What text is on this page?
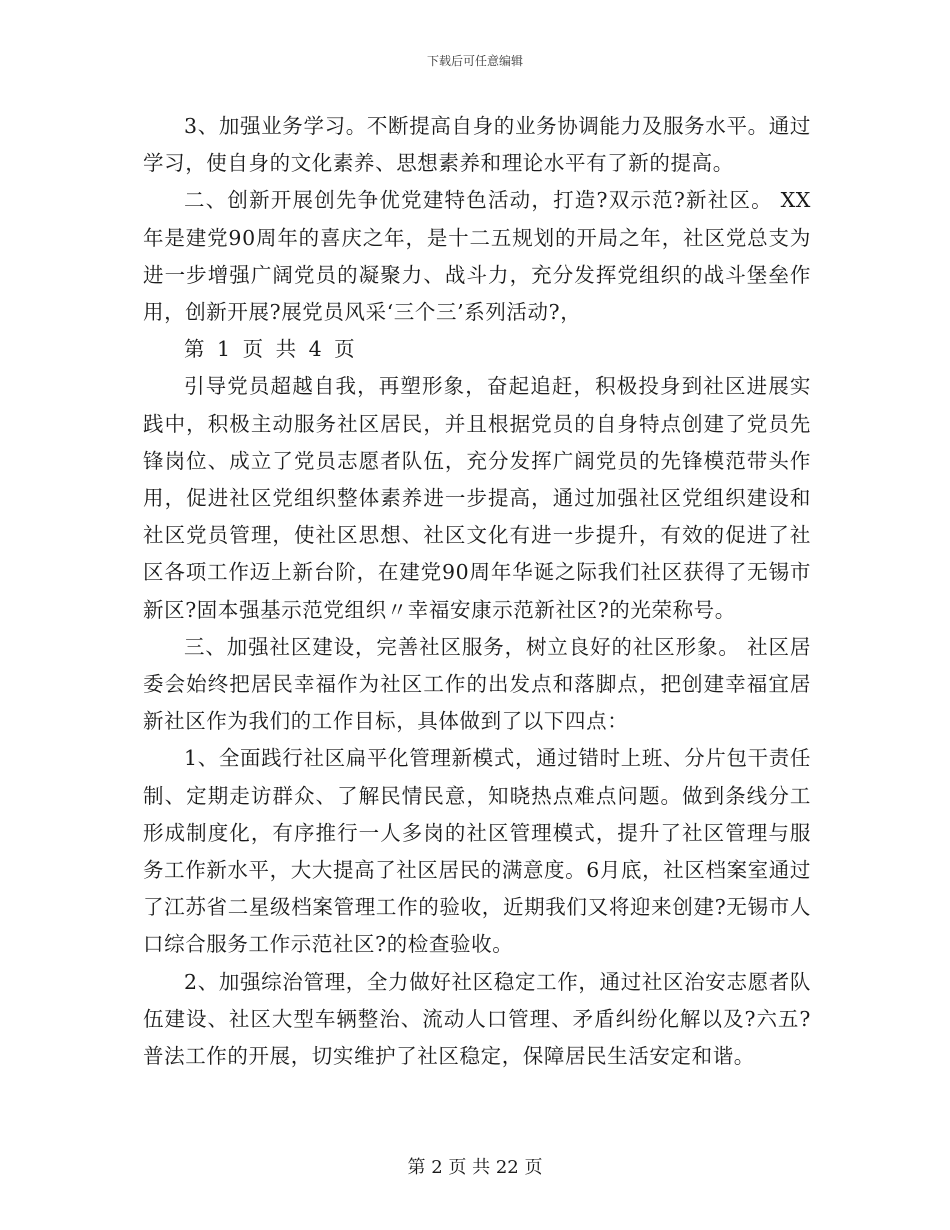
下载后可任意编辑

3、加强业务学习。不断提高自身的业务协调能力及服务水平。通过学习，使自身的文化素养、思想素养和理论水平有了新的提高。

二、创新开展创先争优党建特色活动，打造?双示范?新社区。 XX年是建党90周年的喜庆之年，是十二五规划的开局之年，社区党总支为进一步增强广阔党员的凝聚力、战斗力，充分发挥党组织的战斗堡垒作用，创新开展?展党员风采‘三个三’系列活动?，

第 1 页 共 4 页

引导党员超越自我，再塑形象，奋起追赶，积极投身到社区进展实践中，积极主动服务社区居民，并且根据党员的自身特点创建了党员先锋岗位、成立了党员志愿者队伍，充分发挥广阔党员的先锋模范带头作用，促进社区党组织整体素养进一步提高，通过加强社区党组织建设和社区党员管理，使社区思想、社区文化有进一步提升，有效的促进了社区各项工作迈上新台阶，在建党90周年华诞之际我们社区获得了无锡市新区?固本强基示范党组织〃幸福安康示范新社区?的光荣称号。

三、加强社区建设，完善社区服务，树立良好的社区形象。 社区居委会始终把居民幸福作为社区工作的出发点和落脚点，把创建幸福宜居新社区作为我们的工作目标，具体做到了以下四点：

1、全面践行社区扁平化管理新模式，通过错时上班、分片包干责任制、定期走访群众、了解民情民意，知晓热点难点问题。做到条线分工形成制度化，有序推行一人多岗的社区管理模式，提升了社区管理与服务工作新水平，大大提高了社区居民的满意度。6月底，社区档案室通过了江苏省二星级档案管理工作的验收，近期我们又将迎来创建?无锡市人口综合服务工作示范社区?的检查验收。

2、加强综治管理，全力做好社区稳定工作，通过社区治安志愿者队伍建设、社区大型车辆整治、流动人口管理、矛盾纠纷化解以及?六五?普法工作的开展，切实维护了社区稳定，保障居民生活安定和谐。

第 2 页 共 22 页
